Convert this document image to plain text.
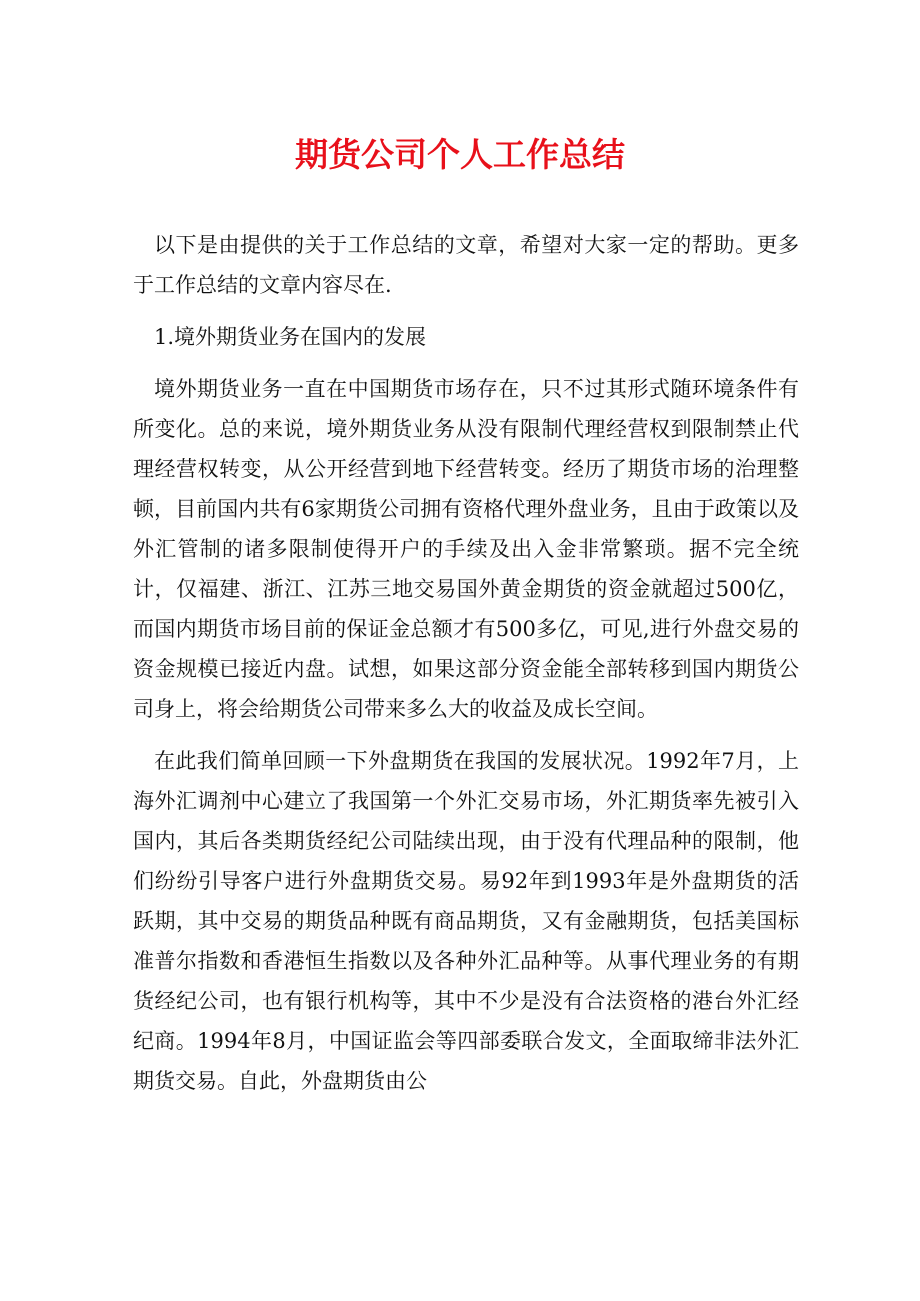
期货公司个人工作总结

以下是由提供的关于工作总结的文章，希望对大家一定的帮助。更多于工作总结的文章内容尽在.

1.境外期货业务在国内的发展

境外期货业务一直在中国期货市场存在，只不过其形式随环境条件有所变化。总的来说，境外期货业务从没有限制代理经营权到限制禁止代理经营权转变，从公开经营到地下经营转变。经历了期货市场的治理整顿，目前国内共有6家期货公司拥有资格代理外盘业务，且由于政策以及外汇管制的诸多限制使得开户的手续及出入金非常繁琐。据不完全统计，仅福建、浙江、江苏三地交易国外黄金期货的资金就超过500亿，而国内期货市场目前的保证金总额才有500多亿，可见,进行外盘交易的资金规模已接近内盘。试想，如果这部分资金能全部转移到国内期货公司身上，将会给期货公司带来多么大的收益及成长空间。

在此我们简单回顾一下外盘期货在我国的发展状况。1992年7月，上海外汇调剂中心建立了我国第一个外汇交易市场，外汇期货率先被引入国内，其后各类期货经纪公司陆续出现，由于没有代理品种的限制，他们纷纷引导客户进行外盘期货交易。易92年到1993年是外盘期货的活跃期，其中交易的期货品种既有商品期货，又有金融期货，包括美国标准普尔指数和香港恒生指数以及各种外汇品种等。从事代理业务的有期货经纪公司，也有银行机构等，其中不少是没有合法资格的港台外汇经纪商。1994年8月，中国证监会等四部委联合发文，全面取缔非法外汇期货交易。自此，外盘期货由公
